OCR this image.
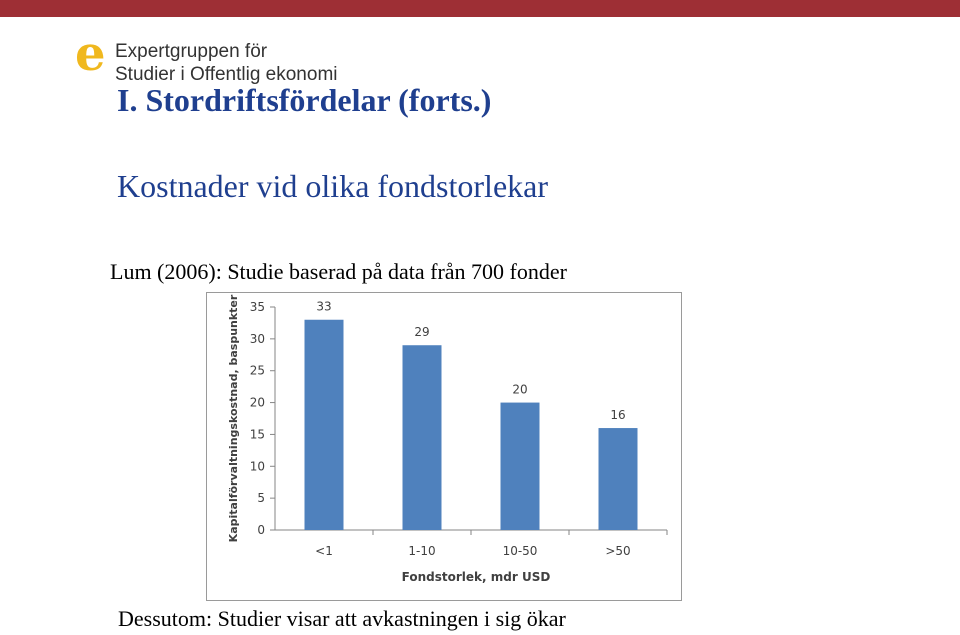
e Expertgruppen för
Studier i Offentlig ekonomi
I. Stordriftsfördelar (forts.)
Kostnader vid olika fondstorlekar
Lum (2006): Studie baserad på data från 700 fonder
0
5
10
15
20
25
30
35	33
<1
29
1-10
20
10-50
16
>50
Fondstorlek, mdr USD
Kapitalförvaltningskostnad, baspunkter
Dessutom: Studier visar att avkastningen i sig ökar
